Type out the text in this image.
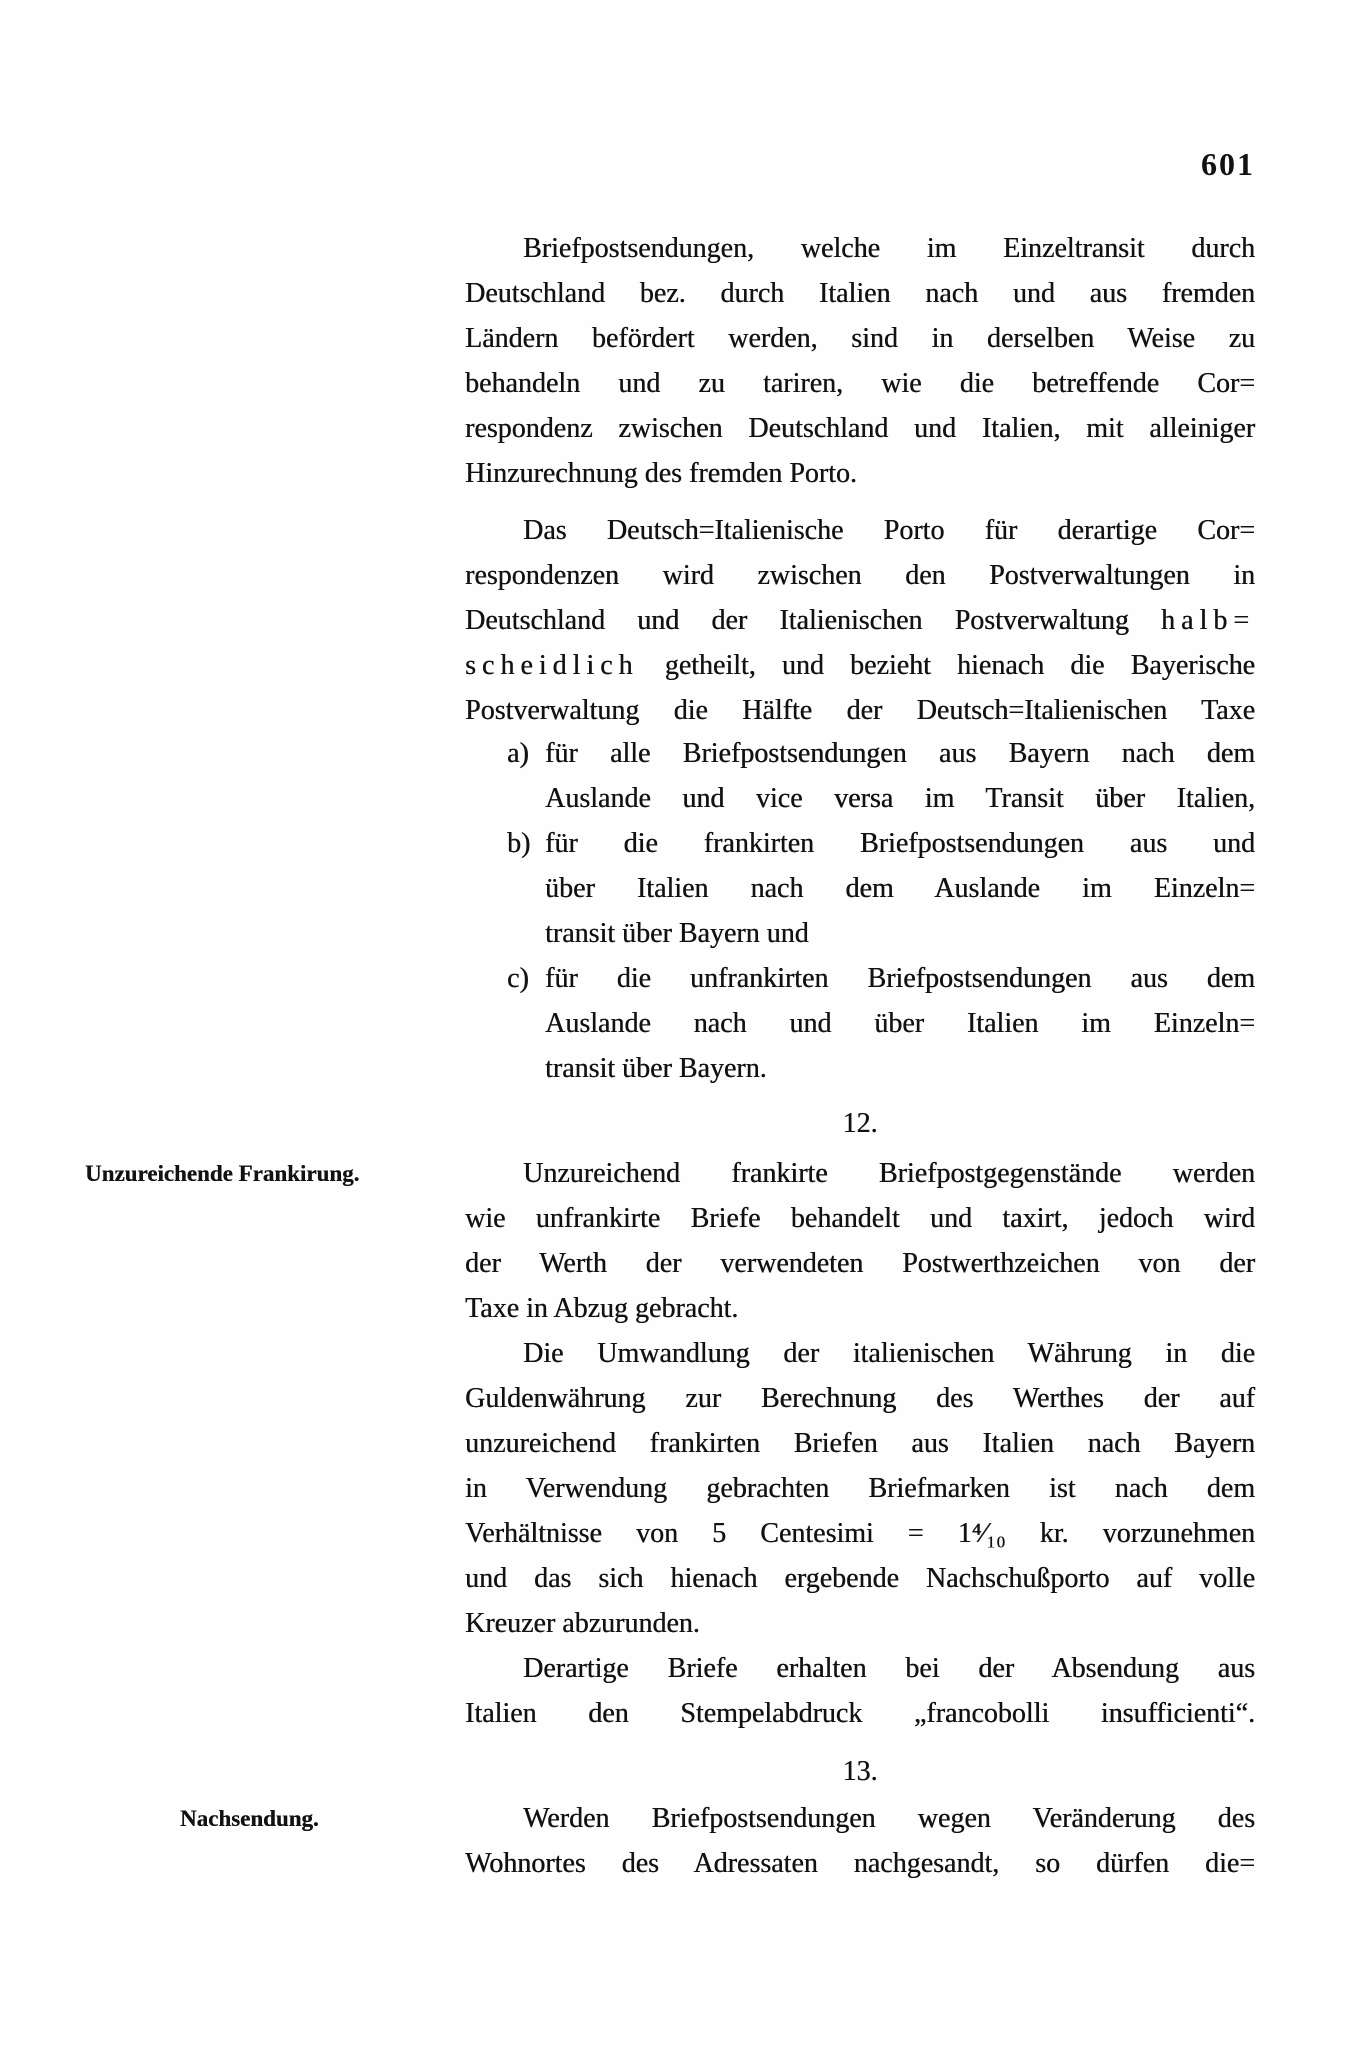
601
Unzureichende Frankirung.
Nachsendung.
Briefpostsendungen, welche im Einzeltransit durch
Deutschland bez. durch Italien nach und aus fremden
Ländern befördert werden, sind in derselben Weise zu
behandeln und zu tariren, wie die betreffende Cor=
respondenz zwischen Deutschland und Italien, mit alleiniger
Hinzurechnung des fremden Porto.
Das Deutsch=Italienische Porto für derartige Cor=
respondenzen wird zwischen den Postverwaltungen in
Deutschland und der Italienischen Postverwaltung halb=
scheidlich getheilt, und bezieht hienach die Bayerische
Postverwaltung die Hälfte der Deutsch=Italienischen Taxe
a) für alle Briefpostsendungen aus Bayern nach dem
Auslande und vice versa im Transit über Italien,
b) für die frankirten Briefpostsendungen aus und
über Italien nach dem Auslande im Einzeln=
transit über Bayern und
c) für die unfrankirten Briefpostsendungen aus dem
Auslande nach und über Italien im Einzeln=
transit über Bayern.
12.
Unzureichend frankirte Briefpostgegenstände werden
wie unfrankirte Briefe behandelt und taxirt, jedoch wird
der Werth der verwendeten Postwerthzeichen von der
Taxe in Abzug gebracht.
Die Umwandlung der italienischen Währung in die
Guldenwährung zur Berechnung des Werthes der auf
unzureichend frankirten Briefen aus Italien nach Bayern
in Verwendung gebrachten Briefmarken ist nach dem
Verhältnisse von 5 Centesimi = 1⁴⁄₁₀ kr. vorzunehmen
und das sich hienach ergebende Nachschußporto auf volle
Kreuzer abzurunden.
Derartige Briefe erhalten bei der Absendung aus
Italien den Stempelabdruck „francobolli insufficienti“.
13.
Werden Briefpostsendungen wegen Veränderung des
Wohnortes des Adressaten nachgesandt, so dürfen die=
